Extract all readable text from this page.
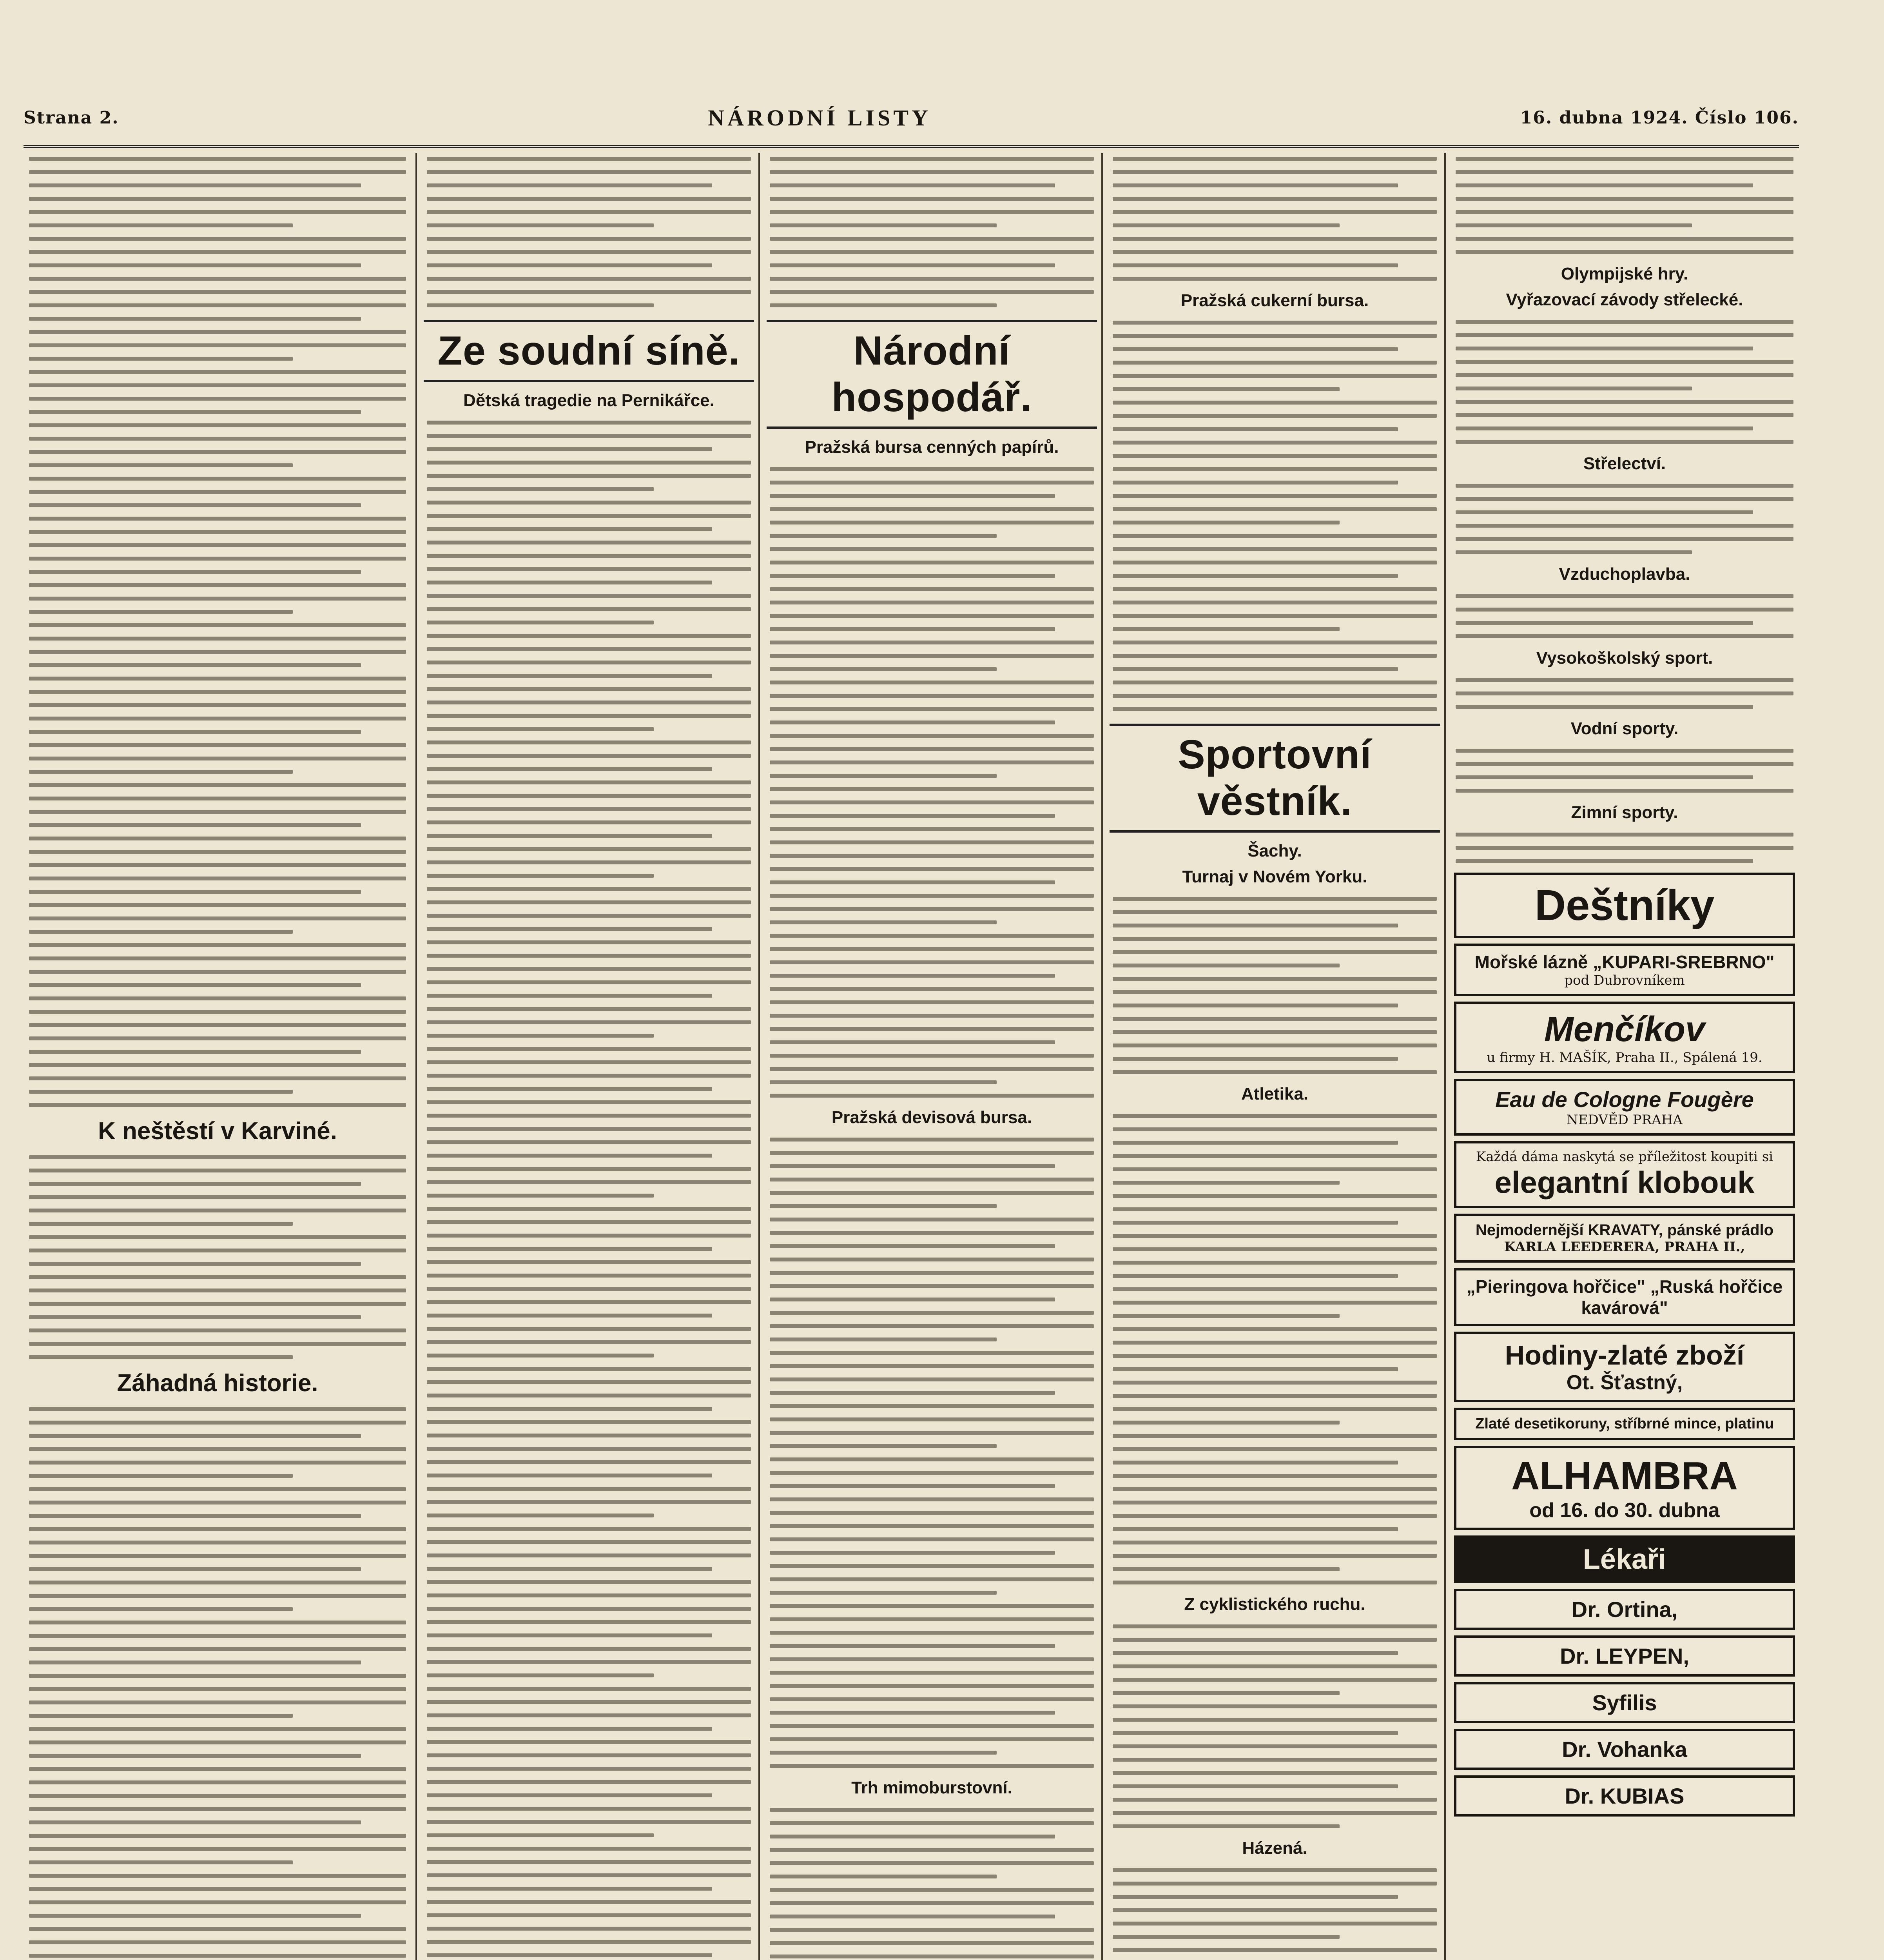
Strana 2.	NÁRODNÍ LISTY	16. dubna 1924. Číslo 106.
K neštěstí v Karviné.
Záhadná historie.
Ze soudní síně.
Dětská tragedie na Pernikářce.
Národní hospodář.
Pražská bursa cenných papírů.
Pražská devisová bursa.
Trh mimoburstovní.
Pražská cukerní bursa.
Sportovní věstník.
Šachy.
Turnaj v Novém Yorku.
Atletika.
Z cyklistického ruchu.
Házená.
Olympijské hry.
Vyřazovací závody střelecké.
Střelectví.
Vzduchoplavba.
Vysokoškolský sport.
Vodní sporty.
Zimní sporty.
Deštníky
Mořské lázně „KUPARI-SREBRNO"
pod Dubrovníkem
Menčíkov
u firmy H. MAŠÍK, Praha II., Spálená 19.
Eau de Cologne Fougère
NEDVĚD PRAHA
Každá dáma naskytá se příležitost koupiti si
elegantní klobouk
Nejmodernější KRAVATY, pánské prádlo
KARLA LEEDERERA, PRAHA II.,
„Pieringova hořčice" „Ruská hořčice kavárová"
Hodiny-zlaté zboží
Ot. Šťastný,
Zlaté desetikoruny, stříbrné mince, platinu
ALHAMBRA
od 16. do 30. dubna
Lékaři
Dr. Ortina,
Dr. LEYPEN,
Syfilis
Dr. Vohanka
Dr. KUBIAS
